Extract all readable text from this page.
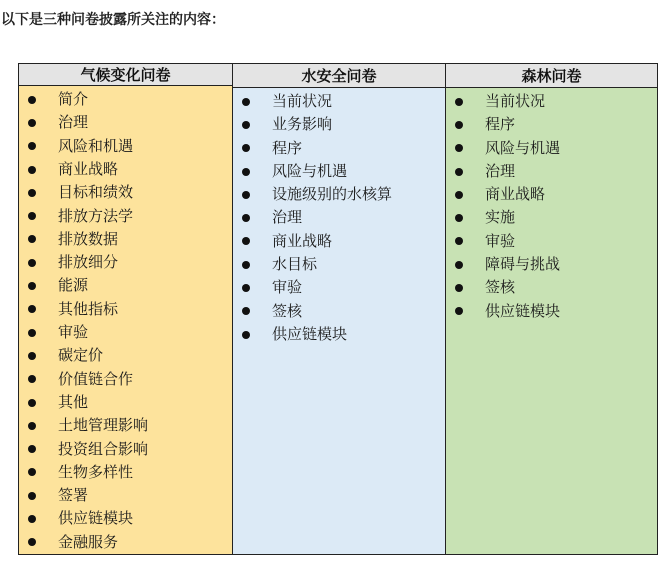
以下是三种问卷披露所关注的内容：
气候变化问卷
简介
治理
风险和机遇
商业战略
目标和绩效
排放方法学
排放数据
排放细分
能源
其他指标
审验
碳定价
价值链合作
其他
土地管理影响
投资组合影响
生物多样性
签署
供应链模块
金融服务
水安全问卷
当前状况
业务影响
程序
风险与机遇
设施级别的水核算
治理
商业战略
水目标
审验
签核
供应链模块
森林问卷
当前状况
程序
风险与机遇
治理
商业战略
实施
审验
障碍与挑战
签核
供应链模块
